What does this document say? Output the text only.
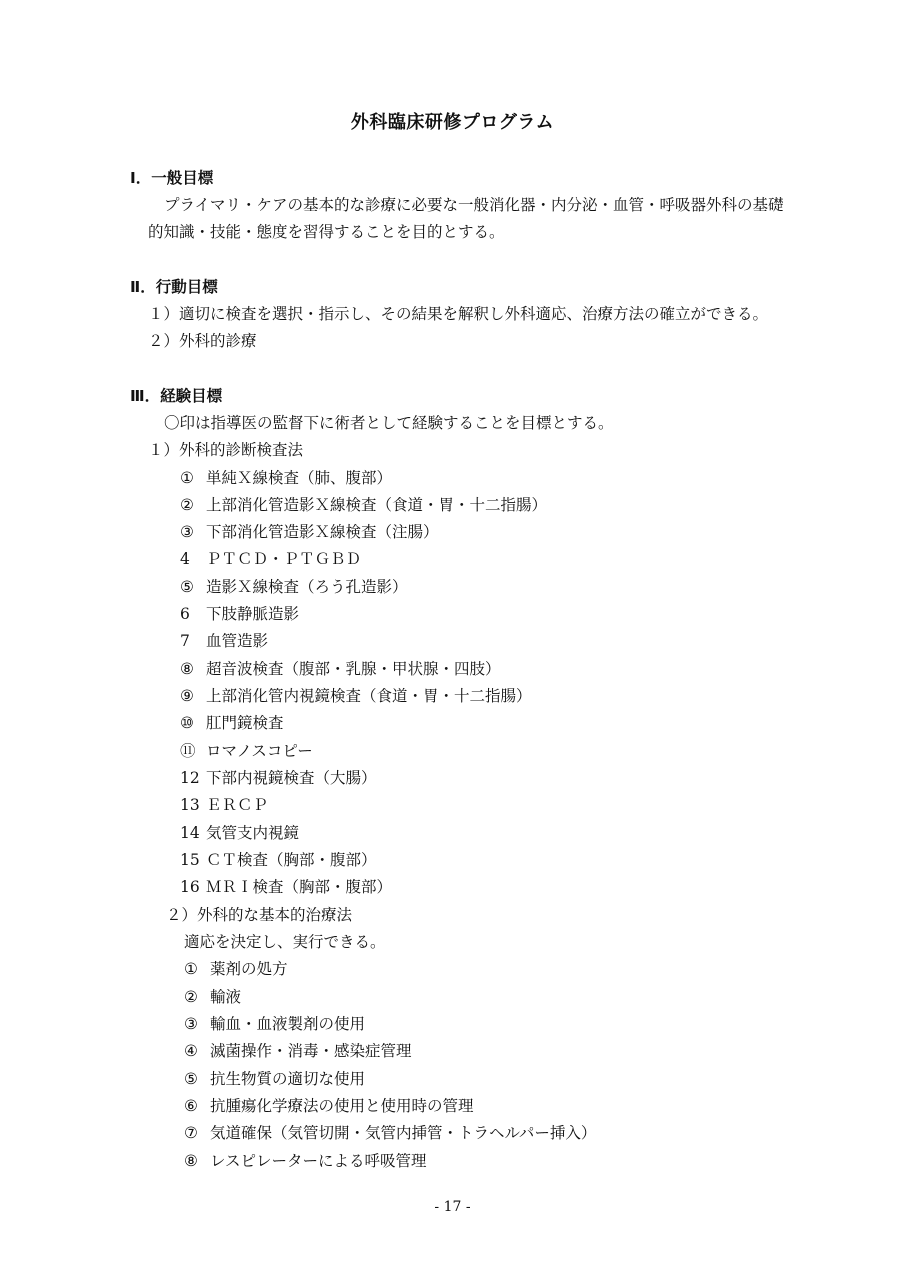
外科臨床研修プログラム
Ⅰ．一般目標
プライマリ・ケアの基本的な診療に必要な一般消化器・内分泌・血管・呼吸器外科の基礎
的知識・技能・態度を習得することを目的とする。
Ⅱ．行動目標
１）適切に検査を選択・指示し、その結果を解釈し外科適応、治療方法の確立ができる。
２）外科的診療
Ⅲ．経験目標
〇印は指導医の監督下に術者として経験することを目標とする。
１）外科的診断検査法
① 単純Ｘ線検査（肺、腹部）
② 上部消化管造影Ｘ線検査（食道・胃・十二指腸）
③ 下部消化管造影Ｘ線検査（注腸）
4 ＰＴＣＤ・ＰＴＧＢＤ
⑤ 造影Ｘ線検査（ろう孔造影）
6 下肢静脈造影
7 血管造影
⑧ 超音波検査（腹部・乳腺・甲状腺・四肢）
⑨ 上部消化管内視鏡検査（食道・胃・十二指腸）
⑩ 肛門鏡検査
⑪ ロマノスコピー
12 下部内視鏡検査（大腸）
13 ＥＲＣＰ
14 気管支内視鏡
15 ＣＴ検査（胸部・腹部）
16 ＭＲＩ検査（胸部・腹部）
２）外科的な基本的治療法
適応を決定し、実行できる。
① 薬剤の処方
② 輸液
③ 輸血・血液製剤の使用
④ 滅菌操作・消毒・感染症管理
⑤ 抗生物質の適切な使用
⑥ 抗腫瘍化学療法の使用と使用時の管理
⑦ 気道確保（気管切開・気管内挿管・トラヘルパー挿入）
⑧ レスピレーターによる呼吸管理
- 17 -
